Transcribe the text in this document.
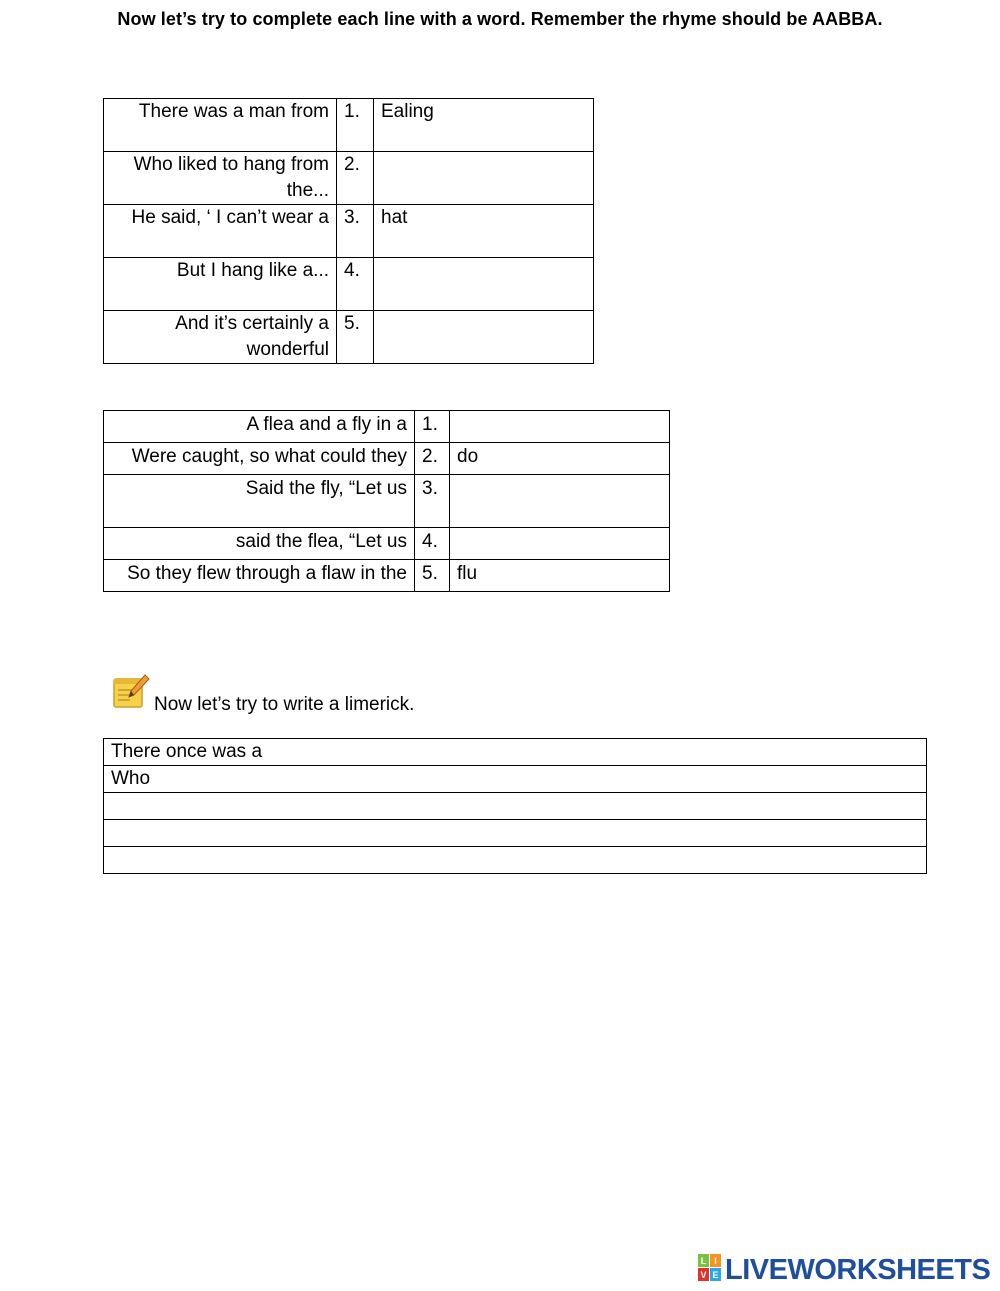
Now let’s try to complete each line with a word. Remember the rhyme should be AABBA.
There was a man from	1.	Ealing
Who liked to hang from the...	2.	
He said, ‘ I can’t wear a	3.	hat
But I hang like a...	4.	
And it’s certainly a wonderful	5.	
A flea and a fly in a	1.	
Were caught, so what could they	2.	do
Said the fly, “Let us	3.	
said the flea, “Let us	4.	
So they flew through a flaw in the	5.	flu
Now let’s try to write a limerick.
There once was a
Who

L I
V E LIVEWORKSHEETS
